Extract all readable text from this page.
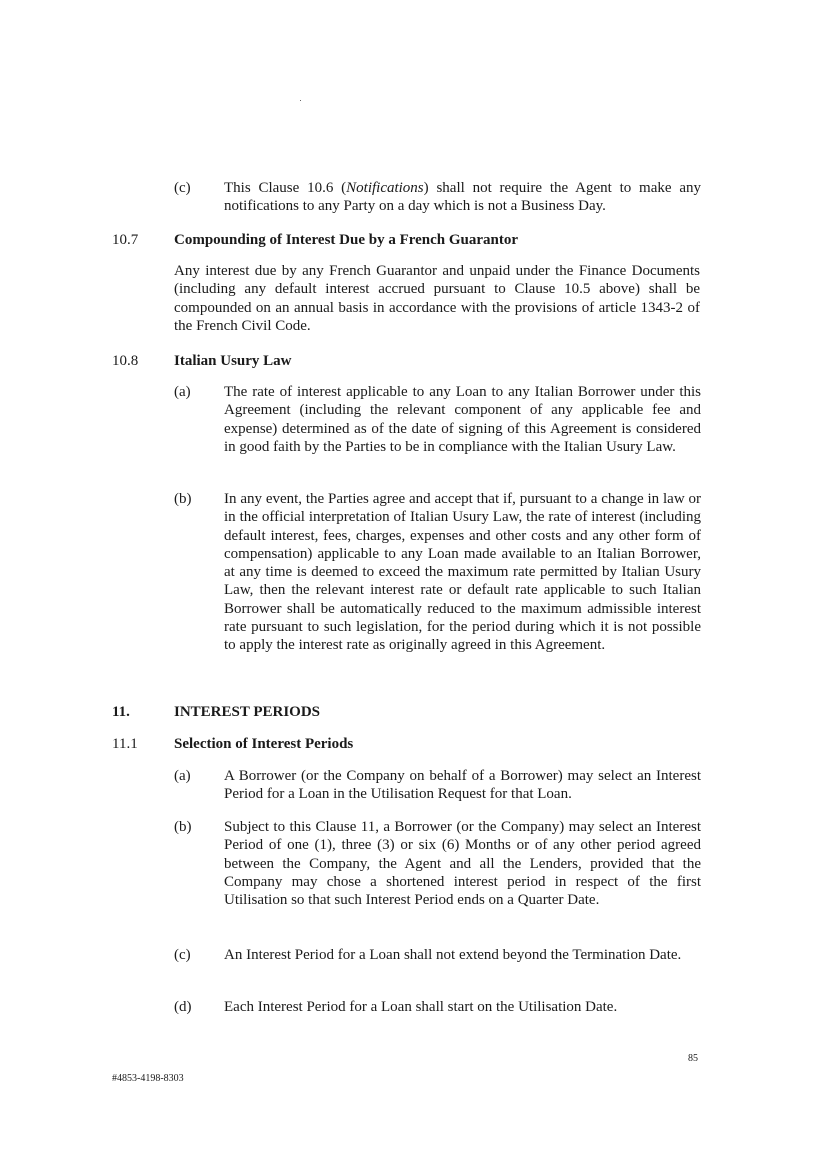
(c) This Clause 10.6 (Notifications) shall not require the Agent to make any notifications to any Party on a day which is not a Business Day.

10.7 Compounding of Interest Due by a French Guarantor

Any interest due by any French Guarantor and unpaid under the Finance Documents (including any default interest accrued pursuant to Clause 10.5 above) shall be compounded on an annual basis in accordance with the provisions of article 1343-2 of the French Civil Code.

10.8 Italian Usury Law
(a) The rate of interest applicable to any Loan to any Italian Borrower under this Agreement (including the relevant component of any applicable fee and expense) determined as of the date of signing of this Agreement is considered in good faith by the Parties to be in compliance with the Italian Usury Law.

(b) In any event, the Parties agree and accept that if, pursuant to a change in law or in the official interpretation of Italian Usury Law, the rate of interest (including default interest, fees, charges, expenses and other costs and any other form of compensation) applicable to any Loan made available to an Italian Borrower, at any time is deemed to exceed the maximum rate permitted by Italian Usury Law, then the relevant interest rate or default rate applicable to such Italian Borrower shall be automatically reduced to the maximum admissible interest rate pursuant to such legislation, for the period during which it is not possible to apply the interest rate as originally agreed in this Agreement.

11.	INTEREST PERIODS
11.1 Selection of Interest Periods
(a) A Borrower (or the Company on behalf of a Borrower) may select an Interest Period for a Loan in the Utilisation Request for that Loan.

(b) Subject to this Clause 11, a Borrower (or the Company) may select an Interest Period of one (1), three (3) or six (6) Months or of any other period agreed between the Company, the Agent and all the Lenders, provided that the Company may chose a shortened interest period in respect of the first Utilisation so that such Interest Period ends on a Quarter Date.

(c) An Interest Period for a Loan shall not extend beyond the Termination Date.

(d) Each Interest Period for a Loan shall start on the Utilisation Date.

85
#4853-4198-8303
